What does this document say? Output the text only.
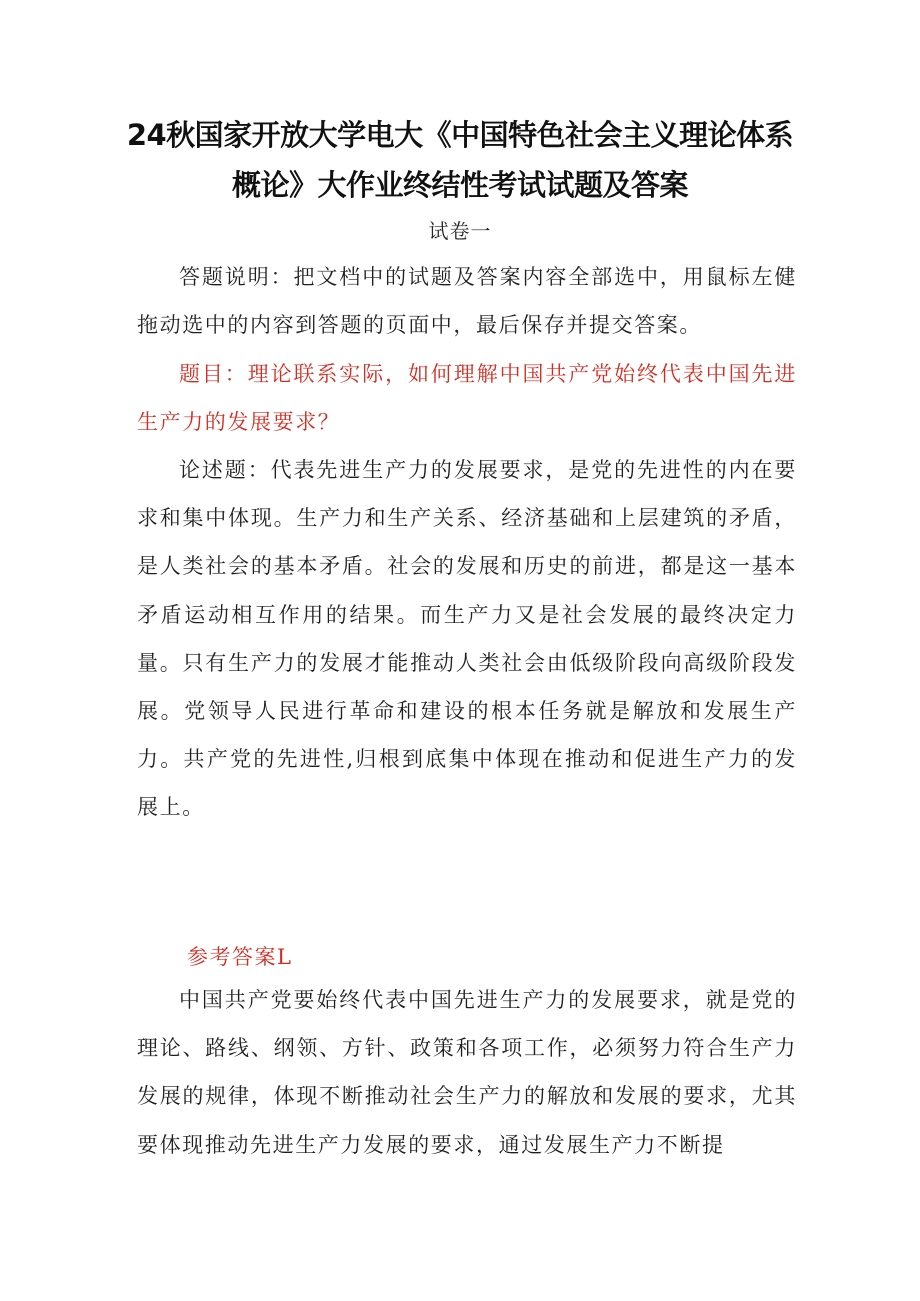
24秋国家开放大学电大《中国特色社会主义理论体系
概论》大作业终结性考试试题及答案
试卷一

答题说明：把文档中的试题及答案内容全部选中，用鼠标左健拖动选中的内容到答题的页面中，最后保存并提交答案。

题目：理论联系实际，如何理解中国共产党始终代表中国先进生产力的发展要求？

论述题：代表先进生产力的发展要求，是党的先进性的内在要求和集中体现。生产力和生产关系、经济基础和上层建筑的矛盾，是人类社会的基本矛盾。社会的发展和历史的前进，都是这一基本矛盾运动相互作用的结果。而生产力又是社会发展的最终决定力量。只有生产力的发展才能推动人类社会由低级阶段向高级阶段发展。党领导人民进行革命和建设的根本任务就是解放和发展生产力。共产党的先进性,归根到底集中体现在推动和促进生产力的发展上。

参考答案L

中国共产党要始终代表中国先进生产力的发展要求，就是党的理论、路线、纲领、方针、政策和各项工作，必须努力符合生产力发展的规律，体现不断推动社会生产力的解放和发展的要求，尤其要体现推动先进生产力发展的要求，通过发展生产力不断提
